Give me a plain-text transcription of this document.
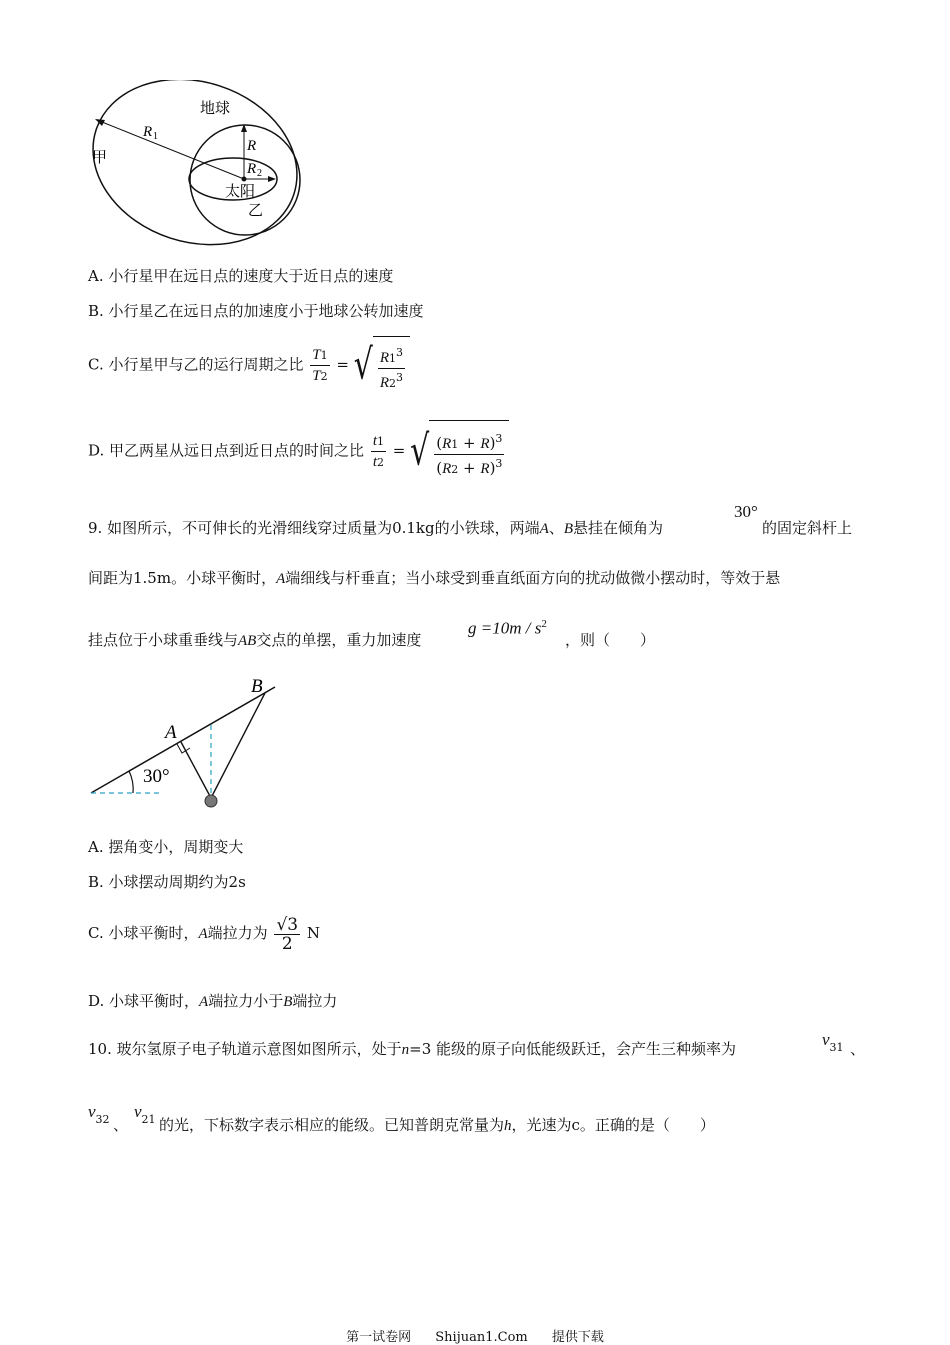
地球
甲
太阳
乙
R 1
R
R 2
A. 小行星甲在远日点的速度大于近日点的速度
B. 小行星乙在远日点的加速度小于地球公转加速度
C. 小行星甲与乙的运行周期之比 $\frac{T1}{T2}$ = √ $\frac{R1^3}{R2^3}$
D. 甲乙两星从远日点到近日点的时间之比 $\frac{t1}{t2}$ = √ $\frac{(R1 + R)^3}{(R2 + R)^3}$
9. 如图所示，不可伸长的光滑细线穿过质量为0.1kg的小铁球，两端A、B悬挂在倾角为
30°
的固定斜杆上
间距为1.5m。小球平衡时，A端细线与杆垂直；当小球受到垂直纸面方向的扰动做微小摆动时，等效于悬
挂点位于小球重垂线与AB交点的单摆，重力加速度
$g =10m / s^2$
，则（　　）
B
A
30°
A. 摆角变小，周期变大
B. 小球摆动周期约为2s
C. 小球平衡时，A端拉力为 $\frac{√3}{2}$ N
D. 小球平衡时，A端拉力小于B端拉力
10. 玻尔氢原子电子轨道示意图如图所示，处于n=3 能级的原子向低能级跃迁，会产生三种频率为	$\nu_{31}$ 、
$\nu_{32}$ 、
$\nu_{21}$ 的光，下标数字表示相应的能级。已知普朗克常量为h，光速为c。正确的是（　　）
第一试卷网 Shijuan1.Com 提供下载
